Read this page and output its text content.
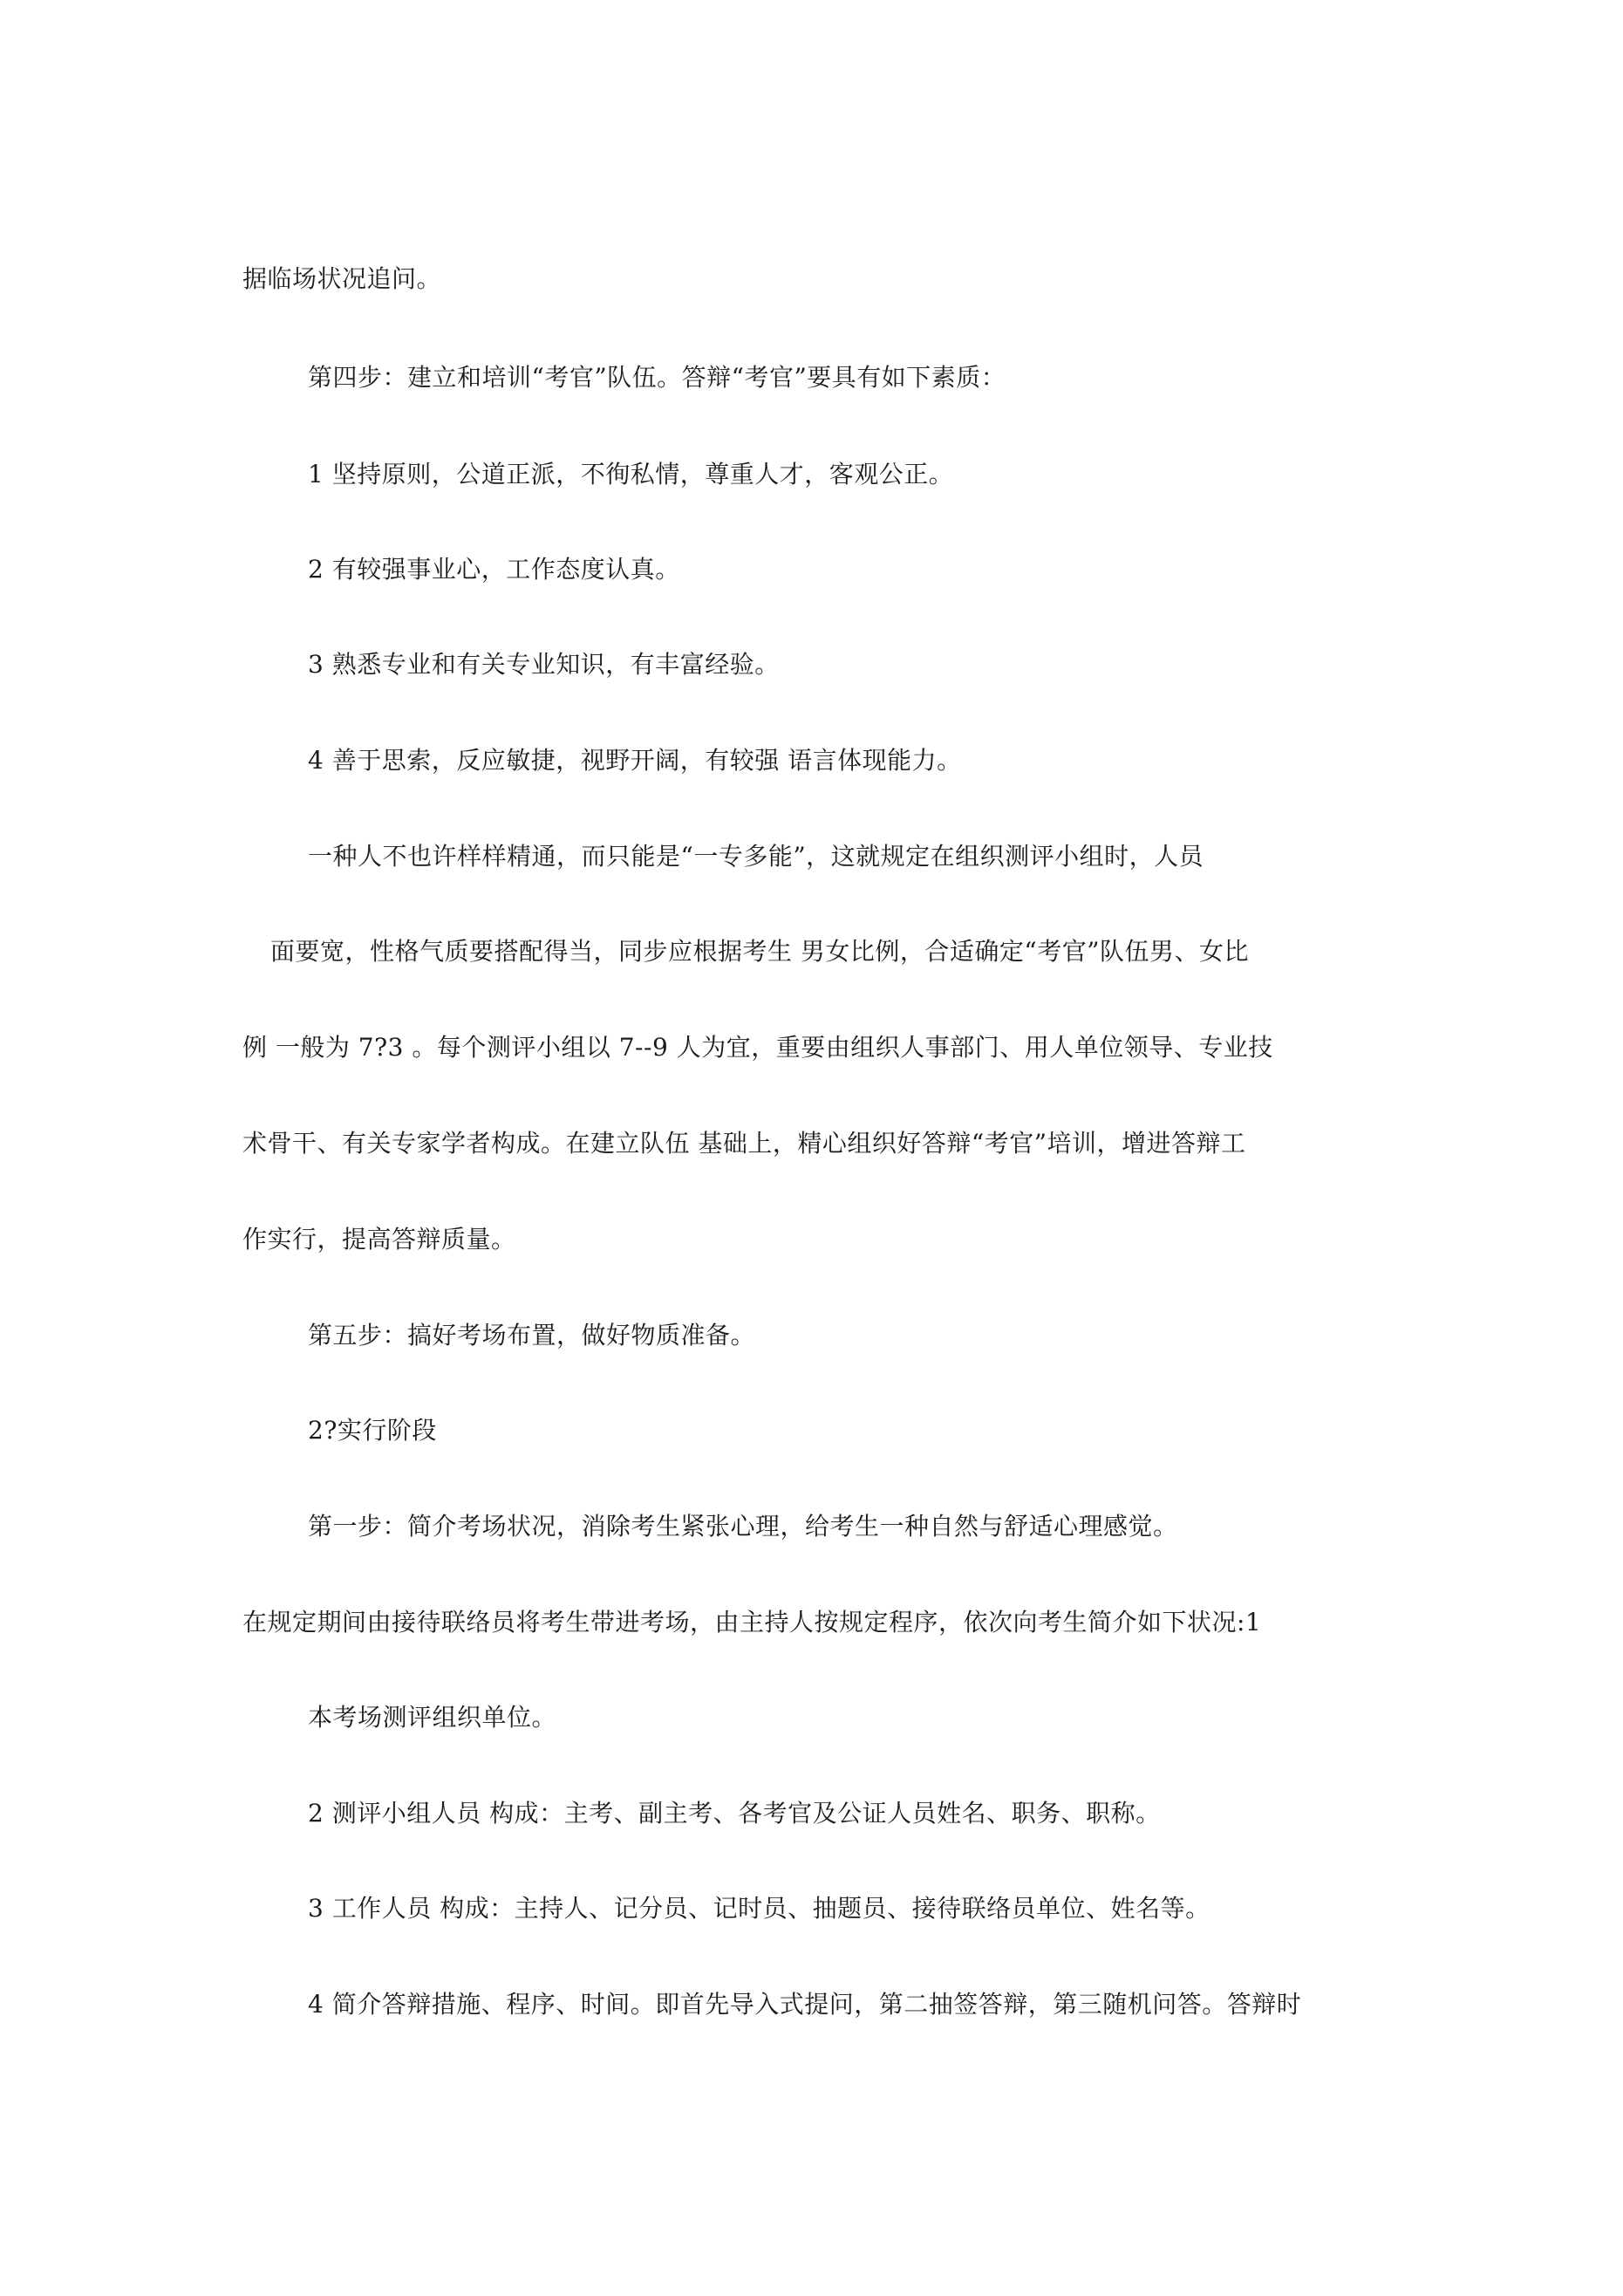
据临场状况追问。
第四步：建立和培训“考官”队伍。答辩“考官”要具有如下素质：
1 坚持原则，公道正派，不徇私情，尊重人才，客观公正。
2 有较强事业心，工作态度认真。
3 熟悉专业和有关专业知识，有丰富经验。
4 善于思索，反应敏捷，视野开阔，有较强 语言体现能力。
一种人不也许样样精通，而只能是“一专多能”，这就规定在组织测评小组时，人员
面要宽，性格气质要搭配得当，同步应根据考生 男女比例，合适确定“考官”队伍男、女比
例 一般为 7?3 。每个测评小组以 7--9 人为宜，重要由组织人事部门、用人单位领导、专业技
术骨干、有关专家学者构成。在建立队伍 基础上，精心组织好答辩“考官”培训，增进答辩工
作实行，提高答辩质量。
第五步：搞好考场布置，做好物质准备。
2?实行阶段
第一步：简介考场状况，消除考生紧张心理，给考生一种自然与舒适心理感觉。
在规定期间由接待联络员将考生带进考场，由主持人按规定程序，依次向考生简介如下状况:1
本考场测评组织单位。
2 测评小组人员 构成：主考、副主考、各考官及公证人员姓名、职务、职称。
3 工作人员 构成：主持人、记分员、记时员、抽题员、接待联络员单位、姓名等。
4 简介答辩措施、程序、时间。即首先导入式提问，第二抽签答辩，第三随机问答。答辩时
